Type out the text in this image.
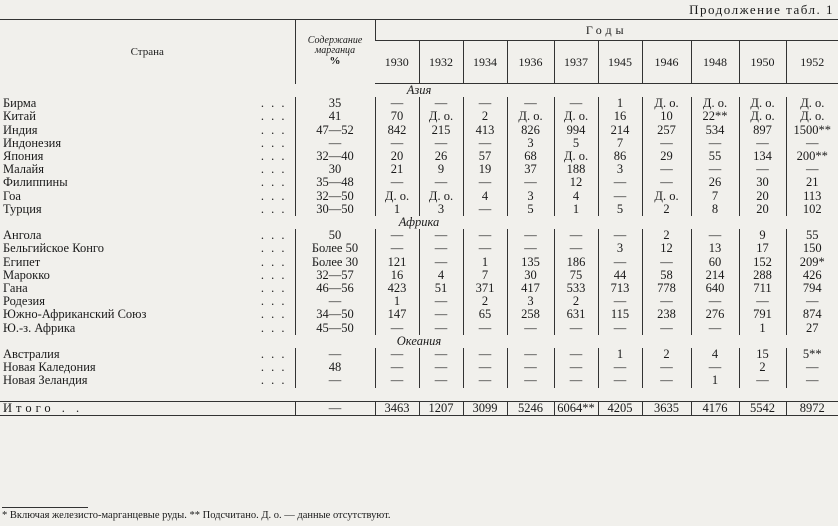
Продолжение табл. 1
Страна	Содержание
марганца
%	Годы									
		1930	1932	1934	1936	1937	1945	1946	1948	1950	1952
Азия											
Бирма . . .	35	—	—	—	—	—	1	Д. о.	Д. о.	Д. о.	Д. о.
Китай . . .	41	70	Д. о.	2	Д. о.	Д. о.	16	10	22**	Д. о.	Д. о.
Индия . . .	47—52	842	215	413	826	994	214	257	534	897	1500**
Индонезия . . .	—	—	—	—	3	5	7	—	—	—	—
Япония . . .	32—40	20	26	57	68	Д. о.	86	29	55	134	200**
Малайя . . .	30	21	9	19	37	188	3	—	—	—	—
Филиппины . . .	35—48	—	—	—	—	12	—	—	26	30	21
Гоа . . .	32—50	Д. о.	Д. о.	4	3	4	—	Д. о.	7	20	113
Турция . . .	30—50	1	3	—	5	1	5	2	8	20	102
Африка											
Ангола . . .	50	—	—	—	—	—	—	2	—	9	55
Бельгийское Конго . . .	Более 50	—	—	—	—	—	3	12	13	17	150
Египет . . .	Более 30	121	—	1	135	186	—	—	60	152	209*
Марокко . . .	32—57	16	4	7	30	75	44	58	214	288	426
Гана . . .	46—56	423	51	371	417	533	713	778	640	711	794
Родезия . . .	—	1	—	2	3	2	—	—	—	—	—
Южно-Африканский Союз . . .	34—50	147	—	65	258	631	115	238	276	791	874
Ю.-з. Африка . . .	45—50	—	—	—	—	—	—	—	—	1	27
Океания											
Австралия . . .	—	—	—	—	—	—	1	2	4	15	5**
Новая Каледония . . .	48	—	—	—	—	—	—	—	—	2	—
Новая Зеландия . . .	—	—	—	—	—	—	—	—	1	—	—

Итого . .	—	3463	1207	3099	5246	6064**	4205	3635	4176	5542	8972
* Включая железисто-марганцевые руды. ** Подсчитано. Д. о. — данные отсутствуют.
